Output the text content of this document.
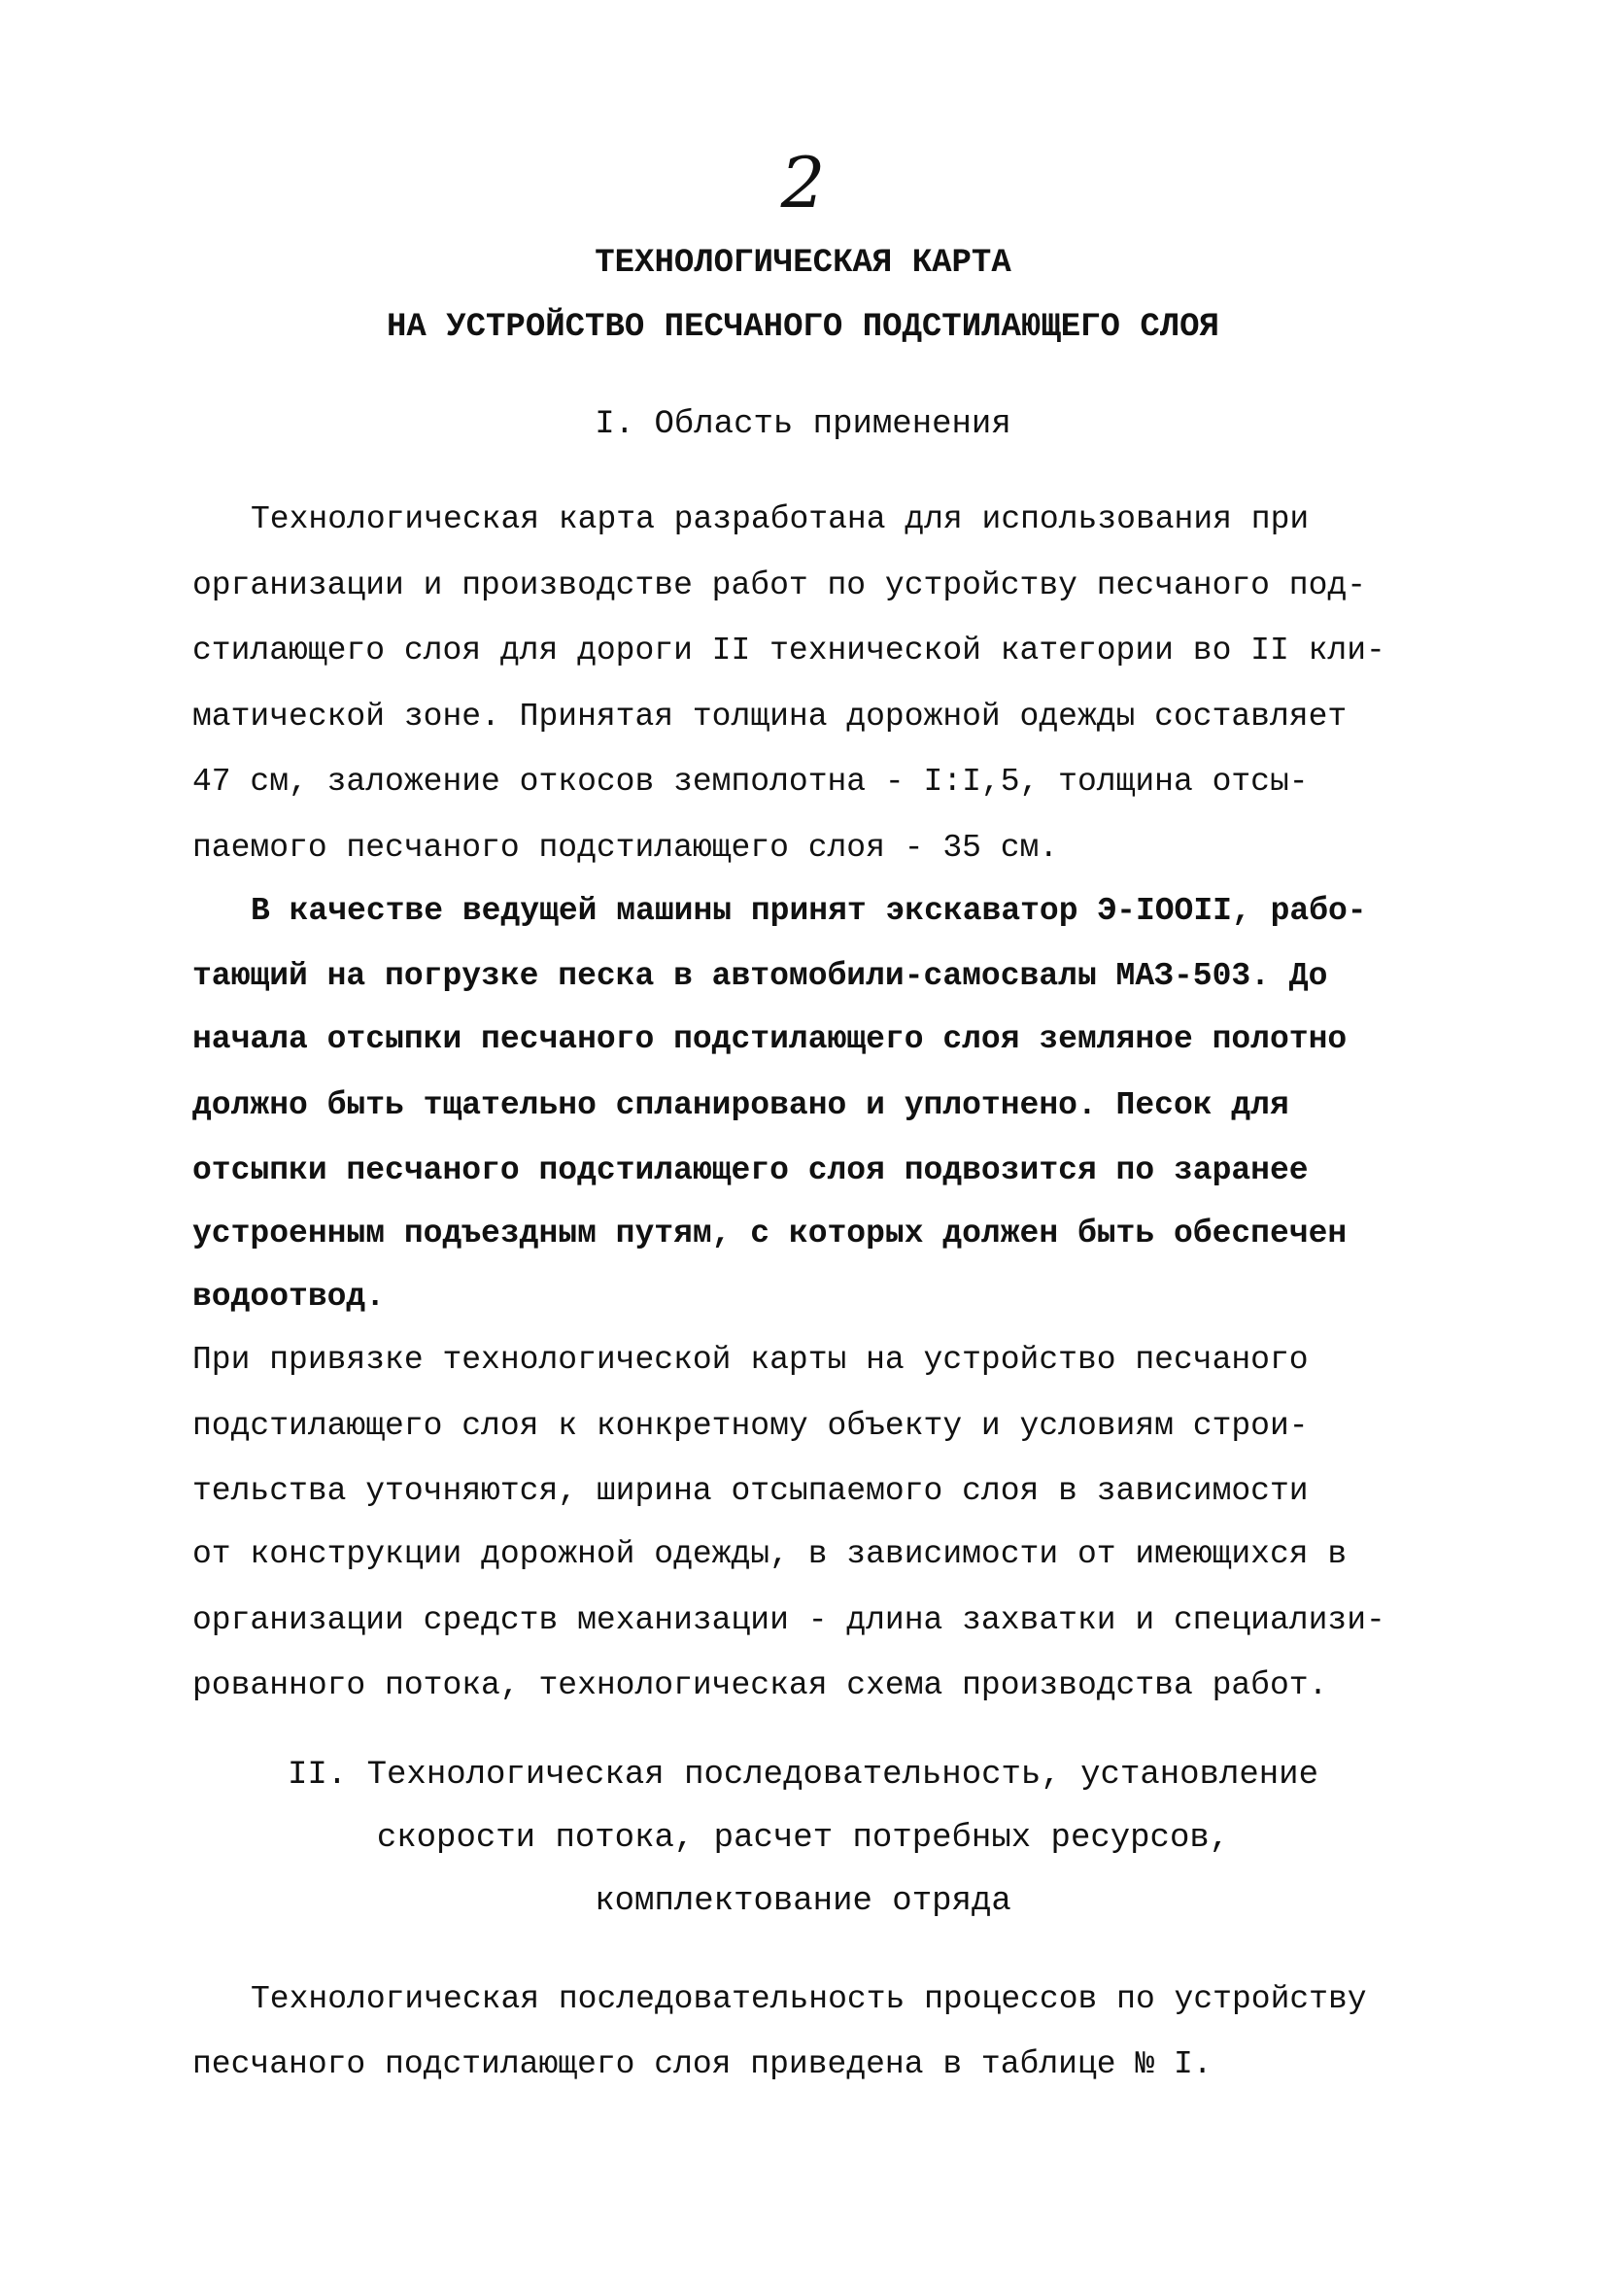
2
ТЕХНОЛОГИЧЕСКАЯ КАРТА
НА УСТРОЙСТВО ПЕСЧАНОГО ПОДСТИЛАЮЩЕГО СЛОЯ
I. Область применения
Технологическая карта разработана для использования при
организации и производстве работ по устройству песчаного под-
стилающего слоя для дороги II технической категории во II кли-
матической зоне. Принятая толщина дорожной одежды составляет
47 см, заложение откосов земполотна - I:I,5, толщина отсы-
паемого песчаного подстилающего слоя - 35 см.
В качестве ведущей машины принят экскаватор Э-IOOII, рабо-
тающий на погрузке песка в автомобили-самосвалы МАЗ-503. До
начала отсыпки песчаного подстилающего слоя земляное полотно
должно быть тщательно спланировано и уплотнено. Песок для
отсыпки песчаного подстилающего слоя подвозится по заранее
устроенным подъездным путям, с которых должен быть обеспечен
водоотвод.
При привязке технологической карты на устройство песчаного
подстилающего слоя к конкретному объекту и условиям строи-
тельства уточняются, ширина отсыпаемого слоя в зависимости
от конструкции дорожной одежды, в зависимости от имеющихся в
организации средств механизации - длина захватки и специализи-
рованного потока, технологическая схема производства работ.
II. Технологическая последовательность, установление
скорости потока, расчет потребных ресурсов,
комплектование отряда
Технологическая последовательность процессов по устройству
песчаного подстилающего слоя приведена в таблице № I.
